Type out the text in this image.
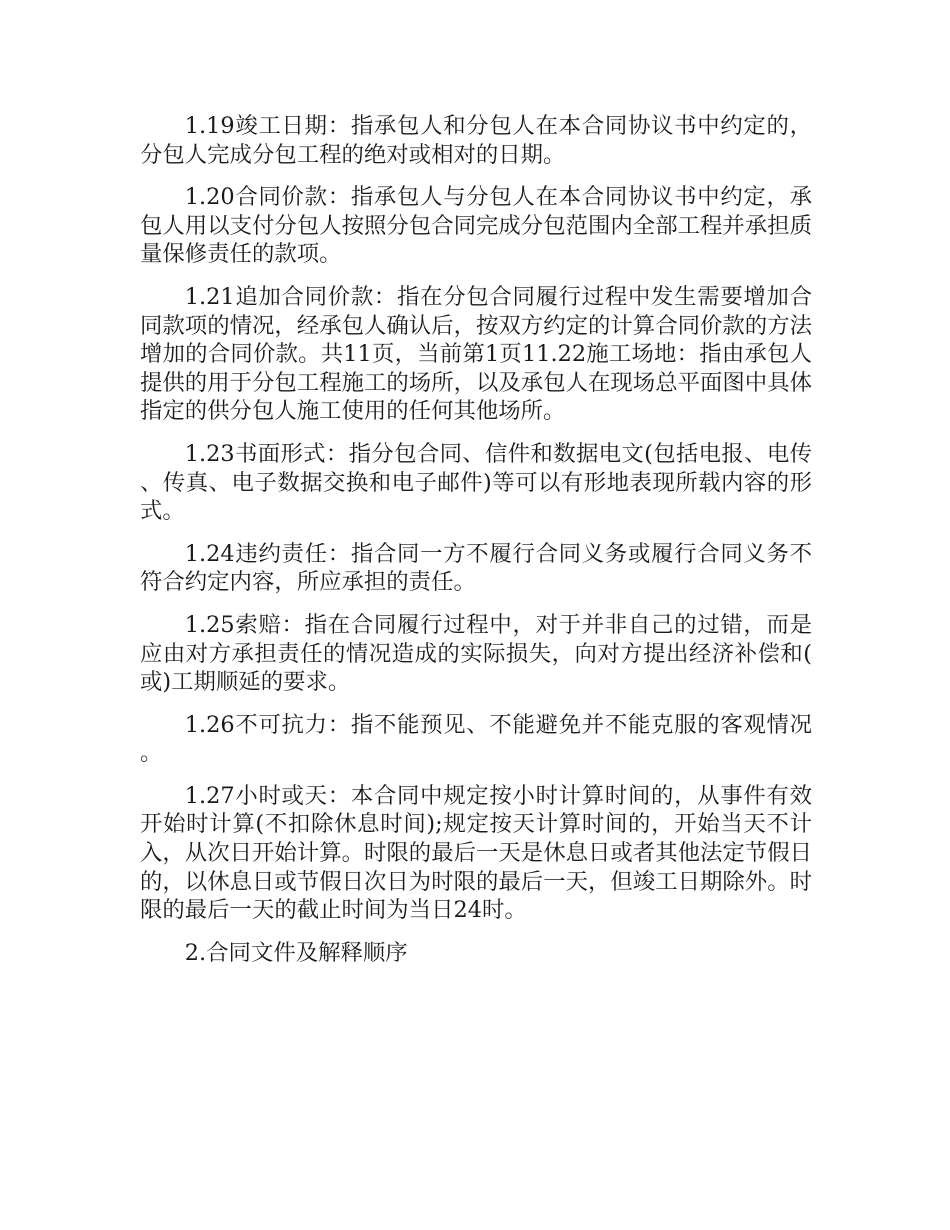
1.19竣工日期：指承包人和分包人在本合同协议书中约定的，分包人完成分包工程的绝对或相对的日期。

1.20合同价款：指承包人与分包人在本合同协议书中约定，承包人用以支付分包人按照分包合同完成分包范围内全部工程并承担质量保修责任的款项。

1.21追加合同价款：指在分包合同履行过程中发生需要增加合同款项的情况，经承包人确认后，按双方约定的计算合同价款的方法增加的合同价款。共11页，当前第1页11.22施工场地：指由承包人提供的用于分包工程施工的场所，以及承包人在现场总平面图中具体指定的供分包人施工使用的任何其他场所。

1.23书面形式：指分包合同、信件和数据电文(包括电报、电传、传真、电子数据交换和电子邮件)等可以有形地表现所载内容的形式。

1.24违约责任：指合同一方不履行合同义务或履行合同义务不符合约定内容，所应承担的责任。

1.25索赔：指在合同履行过程中，对于并非自己的过错，而是应由对方承担责任的情况造成的实际损失，向对方提出经济补偿和(或)工期顺延的要求。

1.26不可抗力：指不能预见、不能避免并不能克服的客观情况。

1.27小时或天：本合同中规定按小时计算时间的，从事件有效开始时计算(不扣除休息时间);规定按天计算时间的，开始当天不计入，从次日开始计算。时限的最后一天是休息日或者其他法定节假日的，以休息日或节假日次日为时限的最后一天，但竣工日期除外。时限的最后一天的截止时间为当日24时。

2.合同文件及解释顺序
